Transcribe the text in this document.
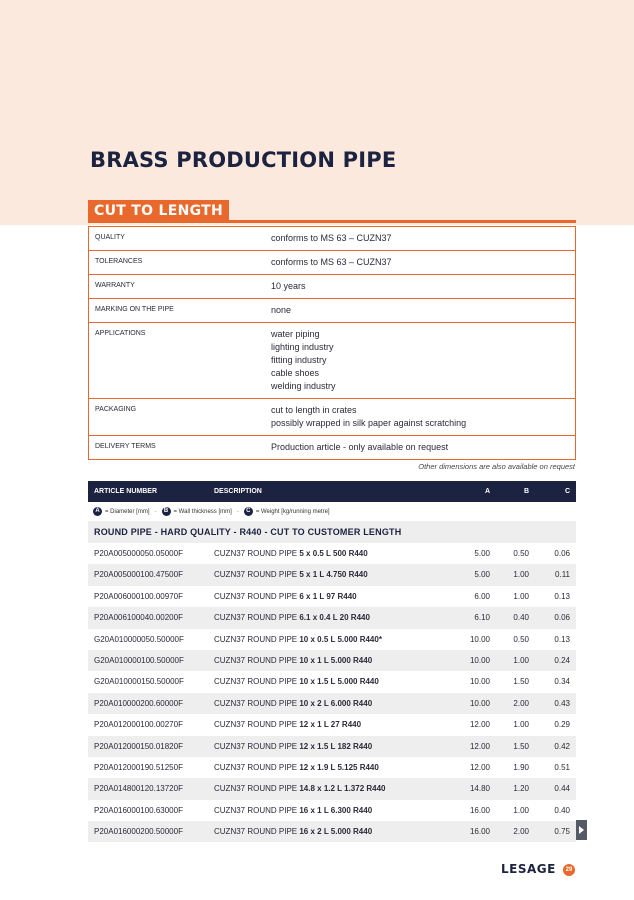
BRASS PRODUCTION PIPE
CUT TO LENGTH
QUALITY	conforms to MS 63 – CUZN37
TOLERANCES	conforms to MS 63 – CUZN37
WARRANTY	10 years
MARKING ON THE PIPE	none
APPLICATIONS	water piping
lighting industry
fitting industry
cable shoes
welding industry
PACKAGING	cut to length in crates
possibly wrapped in silk paper against scratching
DELIVERY TERMS	Production article - only available on request
Other dimensions are also available on request
ARTICLE NUMBER	DESCRIPTION	A	B	C
A = Diameter [mm] -	B = Wall thickness [mm] -	C = Weight [kg/running metre]
ROUND PIPE - HARD QUALITY - R440 - CUT TO CUSTOMER LENGTH
P20A005000050.05000F	CUZN37 ROUND PIPE 5 x 0.5 L 500 R440	5.00	0.50	0.06
P20A005000100.47500F	CUZN37 ROUND PIPE 5 x 1 L 4.750 R440	5.00	1.00	0.11
P20A006000100.00970F	CUZN37 ROUND PIPE 6 x 1 L 97 R440	6.00	1.00	0.13
P20A006100040.00200F	CUZN37 ROUND PIPE 6.1 x 0.4 L 20 R440	6.10	0.40	0.06
G20A010000050.50000F	CUZN37 ROUND PIPE 10 x 0.5 L 5.000 R440*	10.00	0.50	0.13
G20A010000100.50000F	CUZN37 ROUND PIPE 10 x 1 L 5.000 R440	10.00	1.00	0.24
G20A010000150.50000F	CUZN37 ROUND PIPE 10 x 1.5 L 5.000 R440	10.00	1.50	0.34
P20A010000200.60000F	CUZN37 ROUND PIPE 10 x 2 L 6.000 R440	10.00	2.00	0.43
P20A012000100.00270F	CUZN37 ROUND PIPE 12 x 1 L 27 R440	12.00	1.00	0.29
P20A012000150.01820F	CUZN37 ROUND PIPE 12 x 1.5 L 182 R440	12.00	1.50	0.42
P20A012000190.51250F	CUZN37 ROUND PIPE 12 x 1.9 L 5.125 R440	12.00	1.90	0.51
P20A014800120.13720F	CUZN37 ROUND PIPE 14.8 x 1.2 L 1.372 R440	14.80	1.20	0.44
P20A016000100.63000F	CUZN37 ROUND PIPE 16 x 1 L 6.300 R440	16.00	1.00	0.40
P20A016000200.50000F	CUZN37 ROUND PIPE 16 x 2 L 5.000 R440	16.00	2.00	0.75
LESAGE	29
